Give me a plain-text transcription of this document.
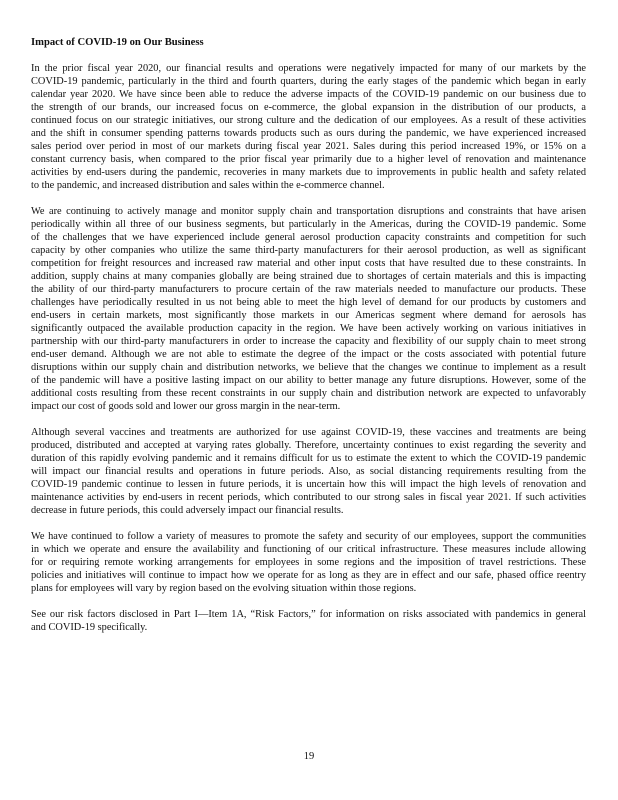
Impact of COVID-19 on Our Business
In the prior fiscal year 2020, our financial results and operations were negatively impacted for many of our markets by the
COVID-19 pandemic, particularly in the third and fourth quarters, during the early stages of the pandemic which began in early
calendar year 2020. We have since been able to reduce the adverse impacts of the COVID-19 pandemic on our business due to
the strength of our brands, our increased focus on e-commerce, the global expansion in the distribution of our products, a
continued focus on our strategic initiatives, our strong culture and the dedication of our employees. As a result of these activities
and the shift in consumer spending patterns towards products such as ours during the pandemic, we have experienced increased
sales period over period in most of our markets during fiscal year 2021. Sales during this period increased 19%, or 15% on a
constant currency basis, when compared to the prior fiscal year primarily due to a higher level of renovation and maintenance
activities by end-users during the pandemic, recoveries in many markets due to improvements in public health and safety related
to the pandemic, and increased distribution and sales within the e-commerce channel.
We are continuing to actively manage and monitor supply chain and transportation disruptions and constraints that have arisen
periodically within all three of our business segments, but particularly in the Americas, during the COVID-19 pandemic. Some
of the challenges that we have experienced include general aerosol production capacity constraints and competition for such
capacity by other companies who utilize the same third-party manufacturers for their aerosol production, as well as significant
competition for freight resources and increased raw material and other input costs that have resulted due to these constraints. In
addition, supply chains at many companies globally are being strained due to shortages of certain materials and this is impacting
the ability of our third-party manufacturers to procure certain of the raw materials needed to manufacture our products. These
challenges have periodically resulted in us not being able to meet the high level of demand for our products by customers and
end-users in certain markets, most significantly those markets in our Americas segment where demand for aerosols has
significantly outpaced the available production capacity in the region. We have been actively working on various initiatives in
partnership with our third-party manufacturers in order to increase the capacity and flexibility of our supply chain to meet strong
end-user demand. Although we are not able to estimate the degree of the impact or the costs associated with potential future
disruptions within our supply chain and distribution networks, we believe that the changes we continue to implement as a result
of the pandemic will have a positive lasting impact on our ability to better manage any future disruptions. However, some of the
additional costs resulting from these recent constraints in our supply chain and distribution network are expected to unfavorably
impact our cost of goods sold and lower our gross margin in the near-term.
Although several vaccines and treatments are authorized for use against COVID-19, these vaccines and treatments are being
produced, distributed and accepted at varying rates globally. Therefore, uncertainty continues to exist regarding the severity and
duration of this rapidly evolving pandemic and it remains difficult for us to estimate the extent to which the COVID-19 pandemic
will impact our financial results and operations in future periods. Also, as social distancing requirements resulting from the
COVID-19 pandemic continue to lessen in future periods, it is uncertain how this will impact the high levels of renovation and
maintenance activities by end-users in recent periods, which contributed to our strong sales in fiscal year 2021. If such activities
decrease in future periods, this could adversely impact our financial results.
We have continued to follow a variety of measures to promote the safety and security of our employees, support the communities
in which we operate and ensure the availability and functioning of our critical infrastructure. These measures include allowing
for or requiring remote working arrangements for employees in some regions and the imposition of travel restrictions. These
policies and initiatives will continue to impact how we operate for as long as they are in effect and our safe, phased office reentry
plans for employees will vary by region based on the evolving situation within those regions.
See our risk factors disclosed in Part I—Item 1A, “Risk Factors,” for information on risks associated with pandemics in general
and COVID-19 specifically.
19
